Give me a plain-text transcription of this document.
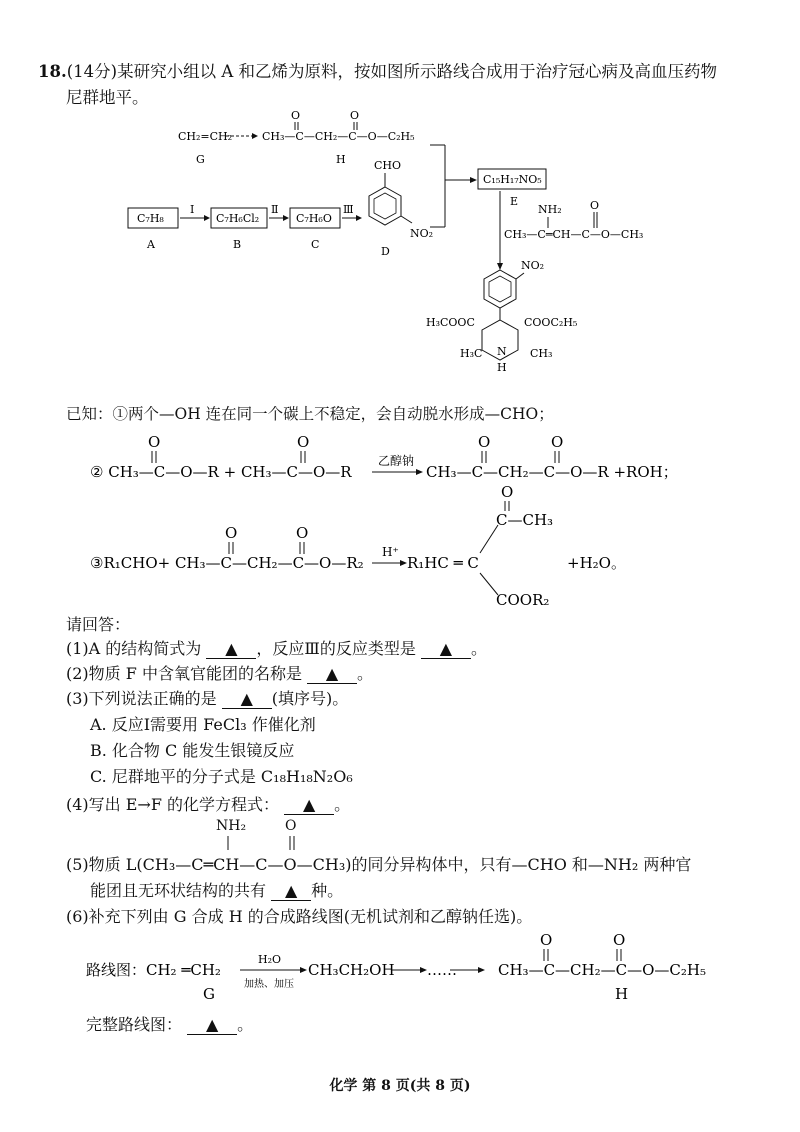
18.(14分)某研究小组以 A 和乙烯为原料，按如图所示路线合成用于治疗冠心病及高血压药物
尼群地平。
CH₂=CH₂
G
CH₃—C—CH₂—C—O—C₂H₅
O	O
H
C₁₅H₁₇NO₅
E
NH₂
CH₃—C═CH—C—O—CH₃
O
C₇H₈
A
Ⅰ
C₇H₆Cl₂
B
Ⅱ
C₇H₆O
C
Ⅲ
CHO
NO₂
D
NO₂
H₃COOC	COOC₂H₅
H₃C	CH₃
N
H
已知：①两个—OH 连在同一个碳上不稳定，会自动脱水形成—CHO；
② CH₃—C—O—R + CH₃—C—O—R
O	O
乙醇钠
CH₃—C—CH₂—C—O—R +ROH；
O	O
③R₁CHO+ CH₃—C—CH₂—C—O—R₂
O	O
H⁺
R₁HC ═ C
C—CH₃
O
COOR₂
+H₂O。
请回答：
(1)A 的结构简式为 ▲ ，反应Ⅲ的反应类型是 ▲ 。
(2)物质 F 中含氧官能团的名称是 ▲ 。
(3)下列说法正确的是 ▲ (填序号)。
A. 反应Ⅰ需要用 FeCl₃ 作催化剂
B. 化合物 C 能发生银镜反应
C. 尼群地平的分子式是 C₁₈H₁₈N₂O₆
(4)写出 E→F 的化学方程式： ▲ 。
NH₂	O
(5)物质 L(CH₃—C═CH—C—O—CH₃)的同分异构体中，只有—CHO 和—NH₂ 两种官
能团且无环状结构的共有 ▲ 种。
(6)补充下列由 G 合成 H 的合成路线图(无机试剂和乙醇钠任选)。
路线图：CH₂ ═CH₂
G
H₂O
加热、加压
CH₃CH₂OH ……	CH₃—C—CH₂—C—O—C₂H₅
O	O
H
完整路线图： ▲ 。
化学 第 8 页(共 8 页)
